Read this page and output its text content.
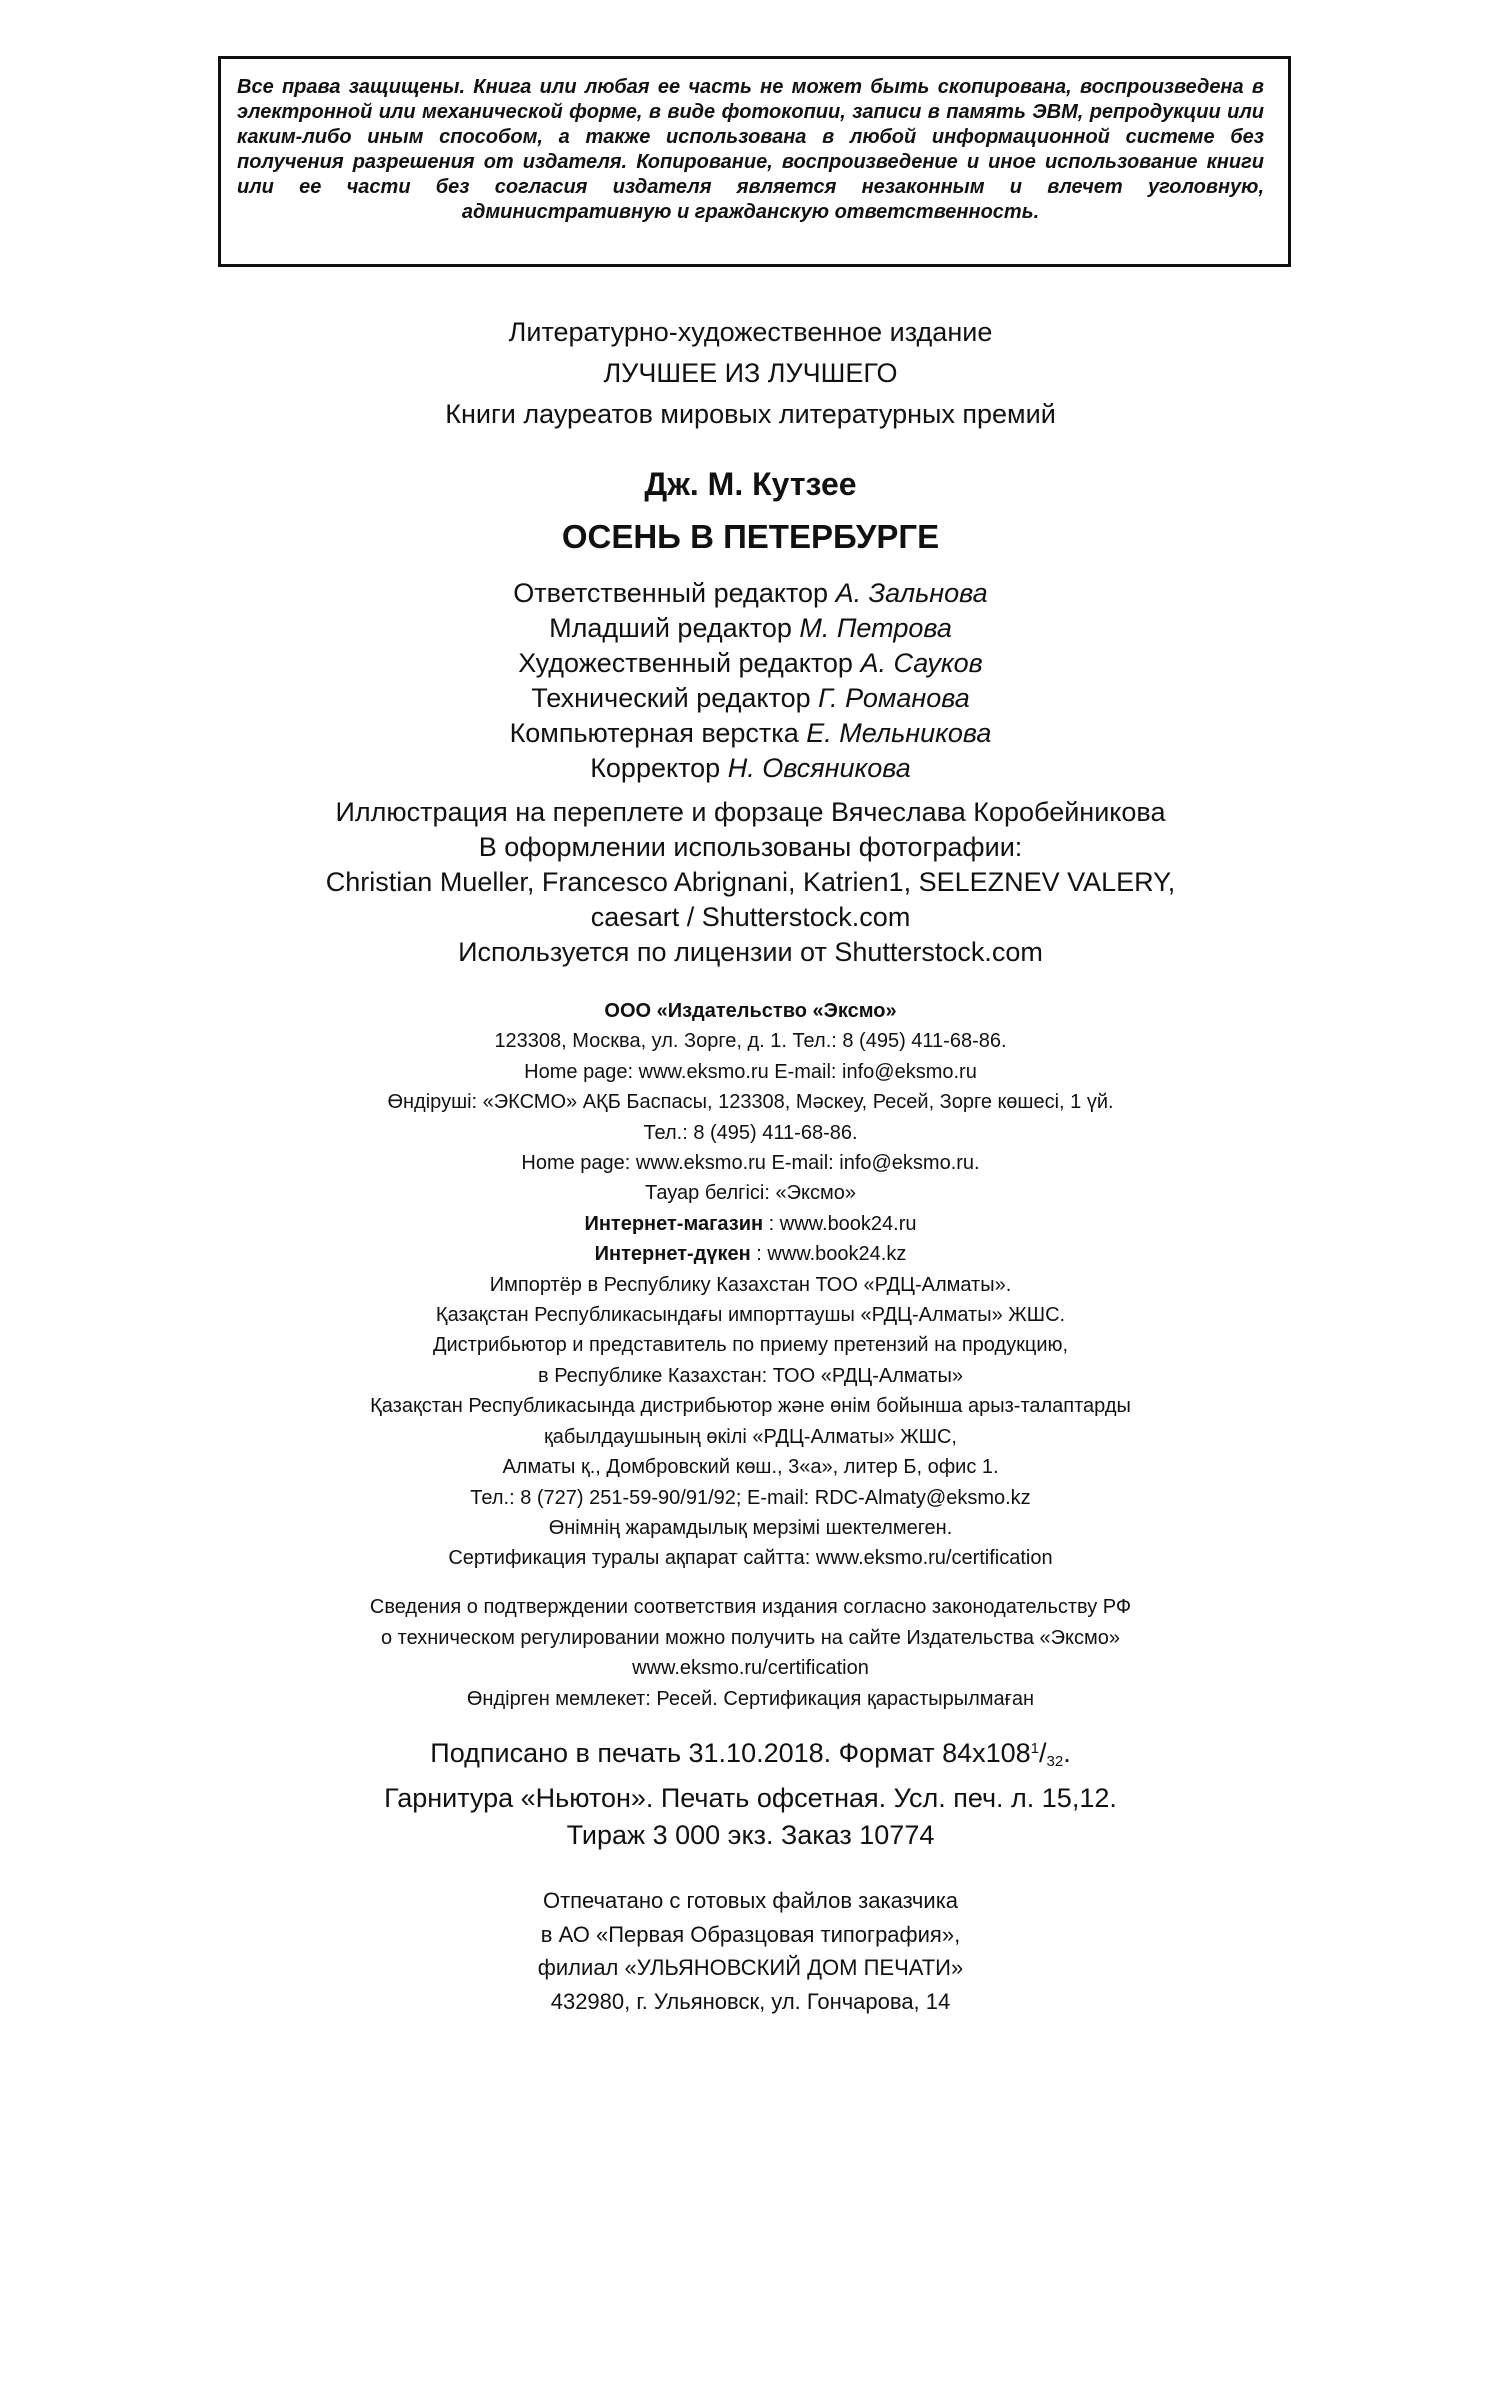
Все права защищены. Книга или любая ее часть не может быть скопирована, воспроизведена в электронной или механической форме, в виде фотокопии, записи в память ЭВМ, репродукции или каким-либо иным способом, а также использована в любой информационной системе без получения разрешения от издателя. Копирование, воспроизведение и иное использование книги или ее части без согласия издателя является незаконным и влечет уголовную, административную и гражданскую ответственность.
Литературно-художественное издание
ЛУЧШЕЕ ИЗ ЛУЧШЕГО
Книги лауреатов мировых литературных премий
Дж. М. Кутзее
ОСЕНЬ В ПЕТЕРБУРГЕ
Ответственный редактор А. Зальнова
Младший редактор М. Петрова
Художественный редактор А. Сауков
Технический редактор Г. Романова
Компьютерная верстка Е. Мельникова
Корректор Н. Овсяникова
Иллюстрация на переплете и форзаце Вячеслава Коробейникова
В оформлении использованы фотографии:
Christian Mueller, Francesco Abrignani, Katrien1, SELEZNEV VALERY,
caesart / Shutterstock.com
Используется по лицензии от Shutterstock.com
ООО «Издательство «Эксмо»
123308, Москва, ул. Зорге, д. 1. Тел.: 8 (495) 411-68-86.
Home page: www.eksmo.ru E-mail: info@eksmo.ru
Өндіруші: «ЭКСМО» АҚБ Баспасы, 123308, Мәскеу, Ресей, Зорге көшесі, 1 үй.
Тел.: 8 (495) 411-68-86.
Home page: www.eksmo.ru E-mail: info@eksmo.ru.
Тауар белгісі: «Эксмо»
Интернет-магазин : www.book24.ru
Интернет-дүкен : www.book24.kz
Импортёр в Республику Казахстан ТОО «РДЦ-Алматы».
Қазақстан Республикасындағы импорттаушы «РДЦ-Алматы» ЖШС.
Дистрибьютор и представитель по приему претензий на продукцию,
в Республике Казахстан: ТОО «РДЦ-Алматы»
Қазақстан Республикасында дистрибьютор және өнім бойынша арыз-талаптарды
қабылдаушының өкілі «РДЦ-Алматы» ЖШС,
Алматы қ., Домбровский көш., 3«а», литер Б, офис 1.
Тел.: 8 (727) 251-59-90/91/92; E-mail: RDC-Almaty@eksmo.kz
Өнімнің жарамдылық мерзімі шектелмеген.
Сертификация туралы ақпарат сайтта: www.eksmo.ru/certification
Сведения о подтверждении соответствия издания согласно законодательству РФ
о техническом регулировании можно получить на сайте Издательства «Эксмо»
www.eksmo.ru/certification
Өндірген мемлекет: Ресей. Сертификация қарастырылмаған
Подписано в печать 31.10.2018. Формат $84x108^1/_{32}$.
Гарнитура «Ньютон». Печать офсетная. Усл. печ. л. 15,12.
Тираж 3 000 экз. Заказ 10774
Отпечатано с готовых файлов заказчика
в АО «Первая Образцовая типография»,
филиал «УЛЬЯНОВСКИЙ ДОМ ПЕЧАТИ»
432980, г. Ульяновск, ул. Гончарова, 14
